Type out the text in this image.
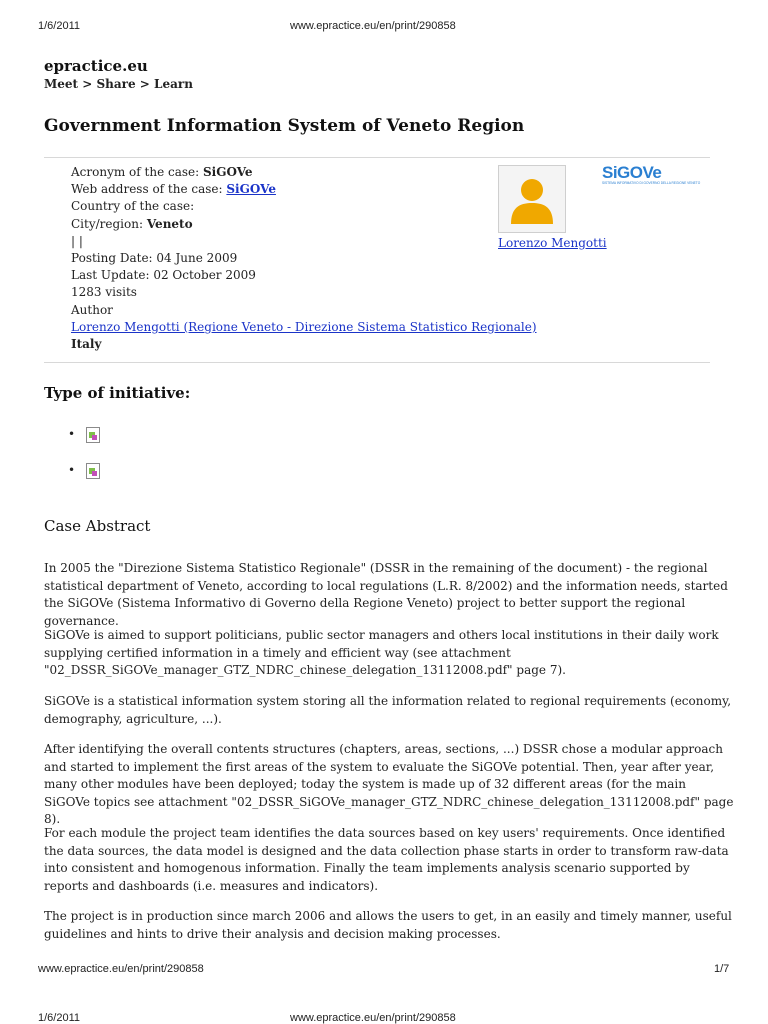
1/6/2011	www.epractice.eu/en/print/290858
epractice.eu
Meet > Share > Learn
Government Information System of Veneto Region
Acronym of the case: SiGOVe
Web address of the case: SiGOVe
Country of the case:
City/region: Veneto
| |
Posting Date: 04 June 2009
Last Update: 02 October 2009
1283 visits
Author
Lorenzo Mengotti (Regione Veneto - Direzione Sistema Statistico Regionale)
Italy
Lorenzo Mengotti
SiGOVe
SISTEMA INFORMATIVO DI GOVERNO DELLA REGIONE VENETO
Type of initiative:
•
•
Case Abstract
In 2005 the "Direzione Sistema Statistico Regionale" (DSSR in the remaining of the document) - the regional statistical department of Veneto, according to local regulations (L.R. 8/2002) and the information needs, started the SiGOVe (Sistema Informativo di Governo della Regione Veneto) project to better support the regional governance.
SiGOVe is aimed to support politicians, public sector managers and others local institutions in their daily work supplying certified information in a timely and efficient way (see attachment "02_DSSR_SiGOVe_manager_GTZ_NDRC_chinese_delegation_13112008.pdf" page 7).
SiGOVe is a statistical information system storing all the information related to regional requirements (economy, demography, agriculture, ...).
After identifying the overall contents structures (chapters, areas, sections, ...) DSSR chose a modular approach and started to implement the first areas of the system to evaluate the SiGOVe potential. Then, year after year, many other modules have been deployed; today the system is made up of 32 different areas (for the main SiGOVe topics see attachment "02_DSSR_SiGOVe_manager_GTZ_NDRC_chinese_delegation_13112008.pdf" page 8).
For each module the project team identifies the data sources based on key users' requirements. Once identified the data sources, the data model is designed and the data collection phase starts in order to transform raw-data into consistent and homogenous information. Finally the team implements analysis scenario supported by reports and dashboards (i.e. measures and indicators).
The project is in production since march 2006 and allows the users to get, in an easily and timely manner, useful guidelines and hints to drive their analysis and decision making processes.
www.epractice.eu/en/print/290858	1/7
1/6/2011	www.epractice.eu/en/print/290858
